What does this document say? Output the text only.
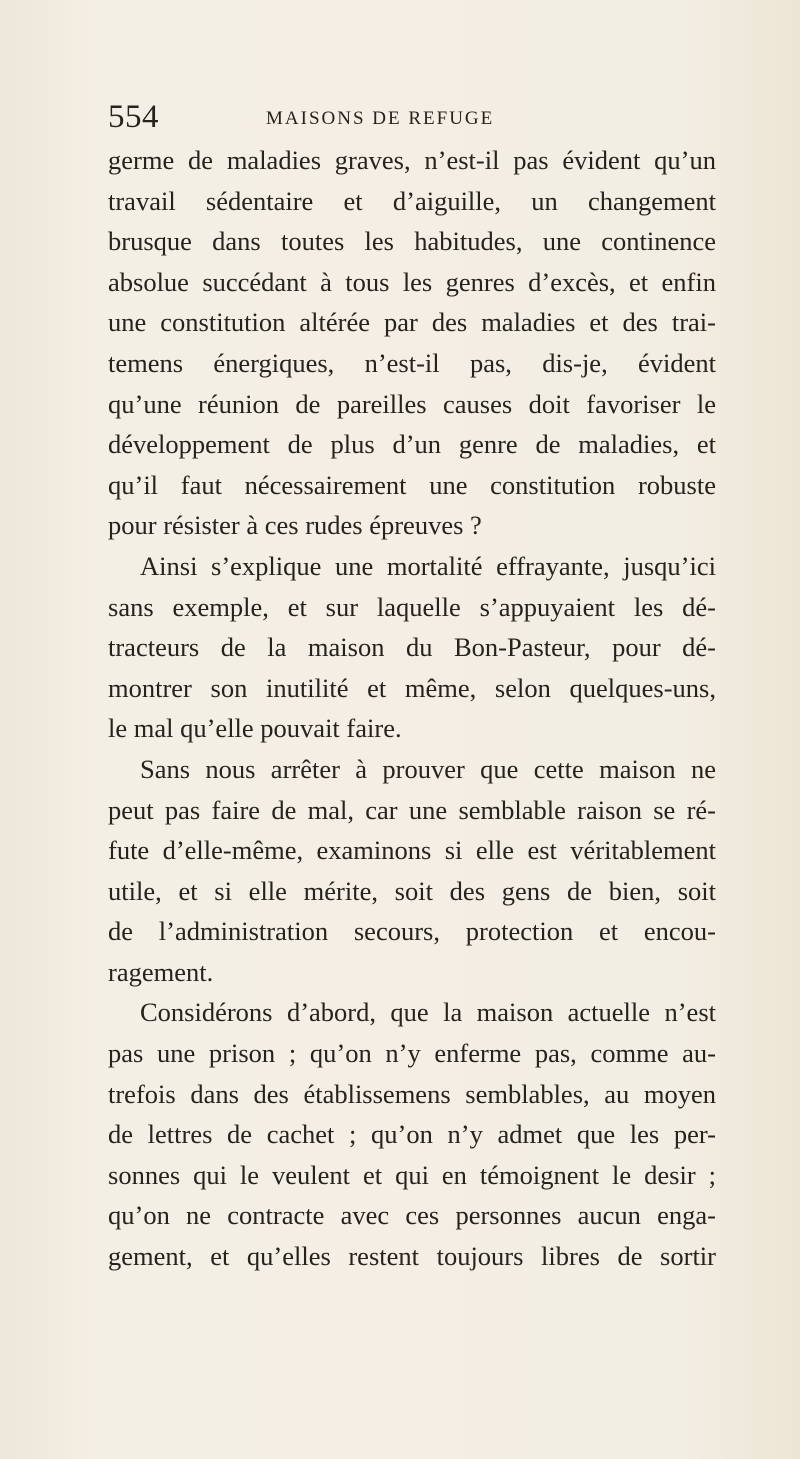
554	MAISONS DE REFUGE
germe de maladies graves, n’est-il pas évident qu’un
travail sédentaire et d’aiguille, un changement
brusque dans toutes les habitudes, une continence
absolue succédant à tous les genres d’excès, et enfin
une constitution altérée par des maladies et des trai-
temens énergiques, n’est-il pas, dis-je, évident
qu’une réunion de pareilles causes doit favoriser le
développement de plus d’un genre de maladies, et
qu’il faut nécessairement une constitution robuste
pour résister à ces rudes épreuves ?
Ainsi s’explique une mortalité effrayante, jusqu’ici
sans exemple, et sur laquelle s’appuyaient les dé-
tracteurs de la maison du Bon-Pasteur, pour dé-
montrer son inutilité et même, selon quelques-uns,
le mal qu’elle pouvait faire.
Sans nous arrêter à prouver que cette maison ne
peut pas faire de mal, car une semblable raison se ré-
fute d’elle-même, examinons si elle est véritablement
utile, et si elle mérite, soit des gens de bien, soit
de l’administration secours, protection et encou-
ragement.
Considérons d’abord, que la maison actuelle n’est
pas une prison ; qu’on n’y enferme pas, comme au-
trefois dans des établissemens semblables, au moyen
de lettres de cachet ; qu’on n’y admet que les per-
sonnes qui le veulent et qui en témoignent le desir ;
qu’on ne contracte avec ces personnes aucun enga-
gement, et qu’elles restent toujours libres de sortir
